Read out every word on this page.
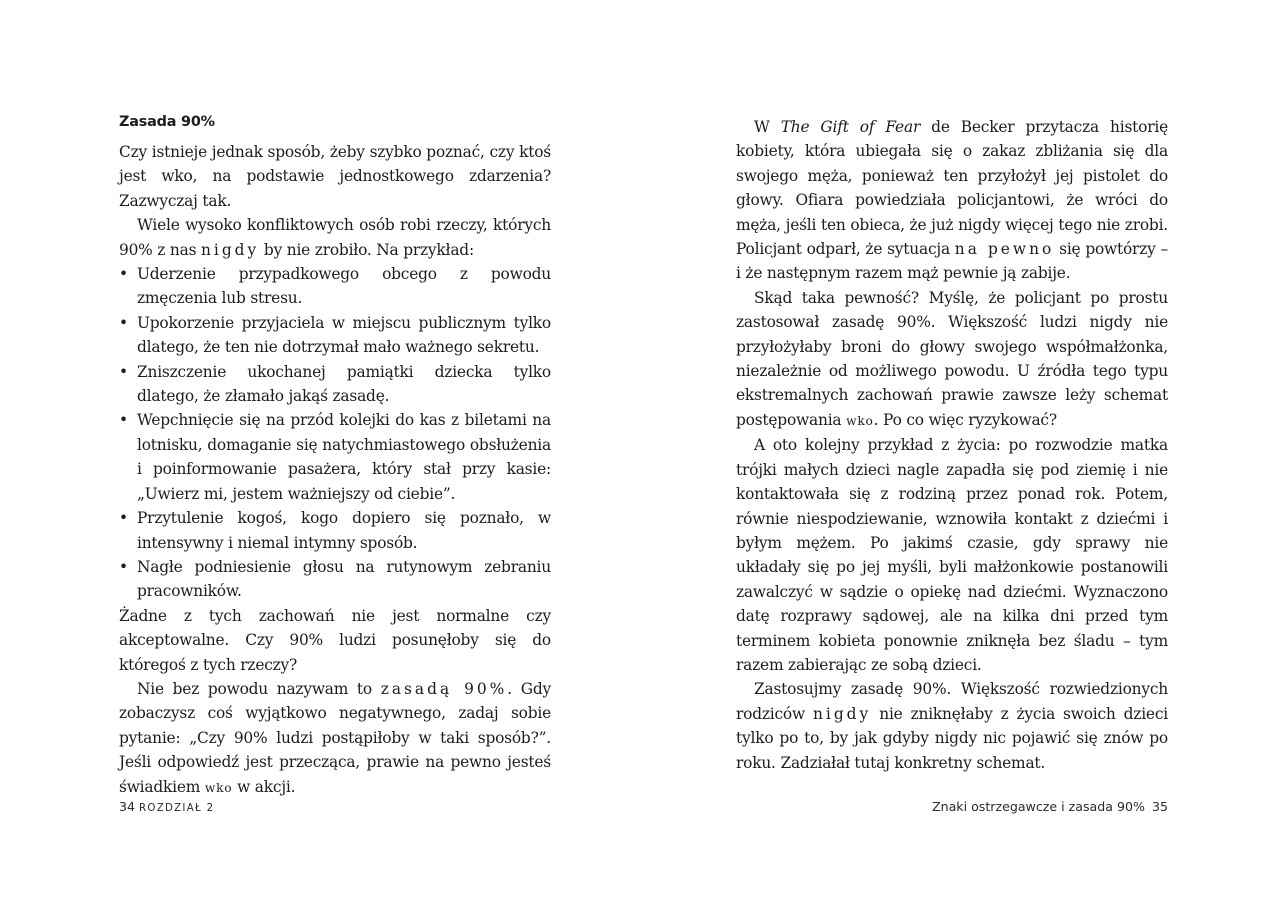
Zasada 90%

Czy istnieje jednak sposób, żeby szybko poznać, czy ktoś jest wko, na podstawie jednostkowego zdarzenia? Zazwyczaj tak.

Wiele wysoko konfliktowych osób robi rzeczy, których 90% z nas nigdy by nie zrobiło. Na przykład:

• Uderzenie przypadkowego obcego z powodu zmęczenia lub stresu.
• Upokorzenie przyjaciela w miejscu publicznym tylko dlatego, że ten nie dotrzymał mało ważnego sekretu.
• Zniszczenie ukochanej pamiątki dziecka tylko dlatego, że złamało jakąś zasadę.
• Wepchnięcie się na przód kolejki do kas z biletami na lotnisku, domaganie się natychmiastowego obsłużenia i poinformowanie pasażera, który stał przy kasie: „Uwierz mi, jestem ważniejszy od ciebie”.
• Przytulenie kogoś, kogo dopiero się poznało, w intensywny i niemal intymny sposób.
• Nagłe podniesienie głosu na rutynowym zebraniu pracowników.

Żadne z tych zachowań nie jest normalne czy akceptowalne. Czy 90% ludzi posunęłoby się do któregoś z tych rzeczy?

Nie bez powodu nazywam to zasadą 90%. Gdy zobaczysz coś wyjątkowo negatywnego, zadaj sobie pytanie: „Czy 90% ludzi postąpiłoby w taki sposób?”. Jeśli odpowiedź jest przecząca, prawie na pewno jesteś świadkiem wko w akcji.

34 ROZDZIAŁ 2

W The Gift of Fear de Becker przytacza historię kobiety, która ubiegała się o zakaz zbliżania się dla swojego męża, ponieważ ten przyłożył jej pistolet do głowy. Ofiara powiedziała policjantowi, że wróci do męża, jeśli ten obieca, że już nigdy więcej tego nie zrobi. Policjant odparł, że sytuacja na pewno się powtórzy – i że następnym razem mąż pewnie ją zabije.

Skąd taka pewność? Myślę, że policjant po prostu zastosował zasadę 90%. Większość ludzi nigdy nie przyłożyłaby broni do głowy swojego współmałżonka, niezależnie od możliwego powodu. U źródła tego typu ekstremalnych zachowań prawie zawsze leży schemat postępowania wko. Po co więc ryzykować?

A oto kolejny przykład z życia: po rozwodzie matka trójki małych dzieci nagle zapadła się pod ziemię i nie kontaktowała się z rodziną przez ponad rok. Potem, równie niespodziewanie, wznowiła kontakt z dziećmi i byłym mężem. Po jakimś czasie, gdy sprawy nie układały się po jej myśli, byli małżonkowie postanowili zawalczyć w sądzie o opiekę nad dziećmi. Wyznaczono datę rozprawy sądowej, ale na kilka dni przed tym terminem kobieta ponownie zniknęła bez śladu – tym razem zabierając ze sobą dzieci.

Zastosujmy zasadę 90%. Większość rozwiedzionych rodziców nigdy nie zniknęłaby z życia swoich dzieci tylko po to, by jak gdyby nigdy nic pojawić się znów po roku. Zadziałał tutaj konkretny schemat.

Znaki ostrzegawcze i zasada 90% 35
